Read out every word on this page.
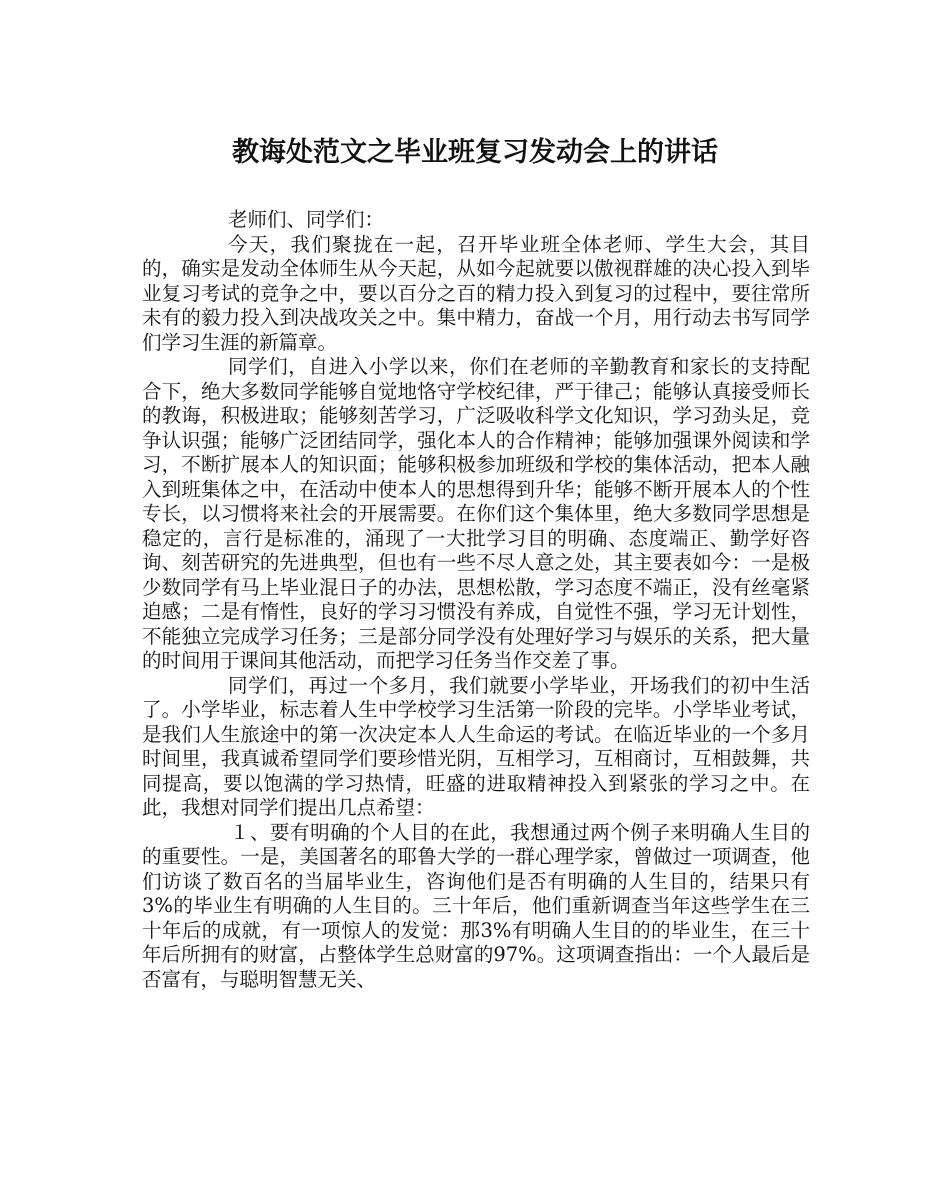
教诲处范文之毕业班复习发动会上的讲话

老师们、同学们：

今天，我们聚拢在一起，召开毕业班全体老师、学生大会，其目的，确实是发动全体师生从今天起，从如今起就要以傲视群雄的决心投入到毕业复习考试的竞争之中，要以百分之百的精力投入到复习的过程中，要往常所未有的毅力投入到决战攻关之中。集中精力，奋战一个月，用行动去书写同学们学习生涯的新篇章。

同学们，自进入小学以来，你们在老师的辛勤教育和家长的支持配合下，绝大多数同学能够自觉地恪守学校纪律，严于律己；能够认真接受师长的教诲，积极进取；能够刻苦学习，广泛吸收科学文化知识，学习劲头足，竞争认识强；能够广泛团结同学，强化本人的合作精神；能够加强课外阅读和学习，不断扩展本人的知识面；能够积极参加班级和学校的集体活动，把本人融入到班集体之中，在活动中使本人的思想得到升华；能够不断开展本人的个性专长，以习惯将来社会的开展需要。在你们这个集体里，绝大多数同学思想是稳定的，言行是标准的，涌现了一大批学习目的明确、态度端正、勤学好咨询、刻苦研究的先进典型，但也有一些不尽人意之处，其主要表如今：一是极少数同学有马上毕业混日子的办法，思想松散，学习态度不端正，没有丝毫紧迫感；二是有惰性，良好的学习习惯没有养成，自觉性不强，学习无计划性，不能独立完成学习任务；三是部分同学没有处理好学习与娱乐的关系，把大量的时间用于课间其他活动，而把学习任务当作交差了事。

同学们，再过一个多月，我们就要小学毕业，开场我们的初中生活了。小学毕业，标志着人生中学校学习生活第一阶段的完毕。小学毕业考试，是我们人生旅途中的第一次决定本人人生命运的考试。在临近毕业的一个多月时间里，我真诚希望同学们要珍惜光阴，互相学习，互相商讨，互相鼓舞，共同提高，要以饱满的学习热情，旺盛的进取精神投入到紧张的学习之中。在此，我想对同学们提出几点希望：

１、要有明确的个人目的在此，我想通过两个例子来明确人生目的的重要性。一是，美国著名的耶鲁大学的一群心理学家，曾做过一项调查，他们访谈了数百名的当届毕业生，咨询他们是否有明确的人生目的，结果只有3%的毕业生有明确的人生目的。三十年后，他们重新调查当年这些学生在三十年后的成就，有一项惊人的发觉：那3%有明确人生目的的毕业生，在三十年后所拥有的财富，占整体学生总财富的97%。这项调查指出：一个人最后是否富有，与聪明智慧无关、
